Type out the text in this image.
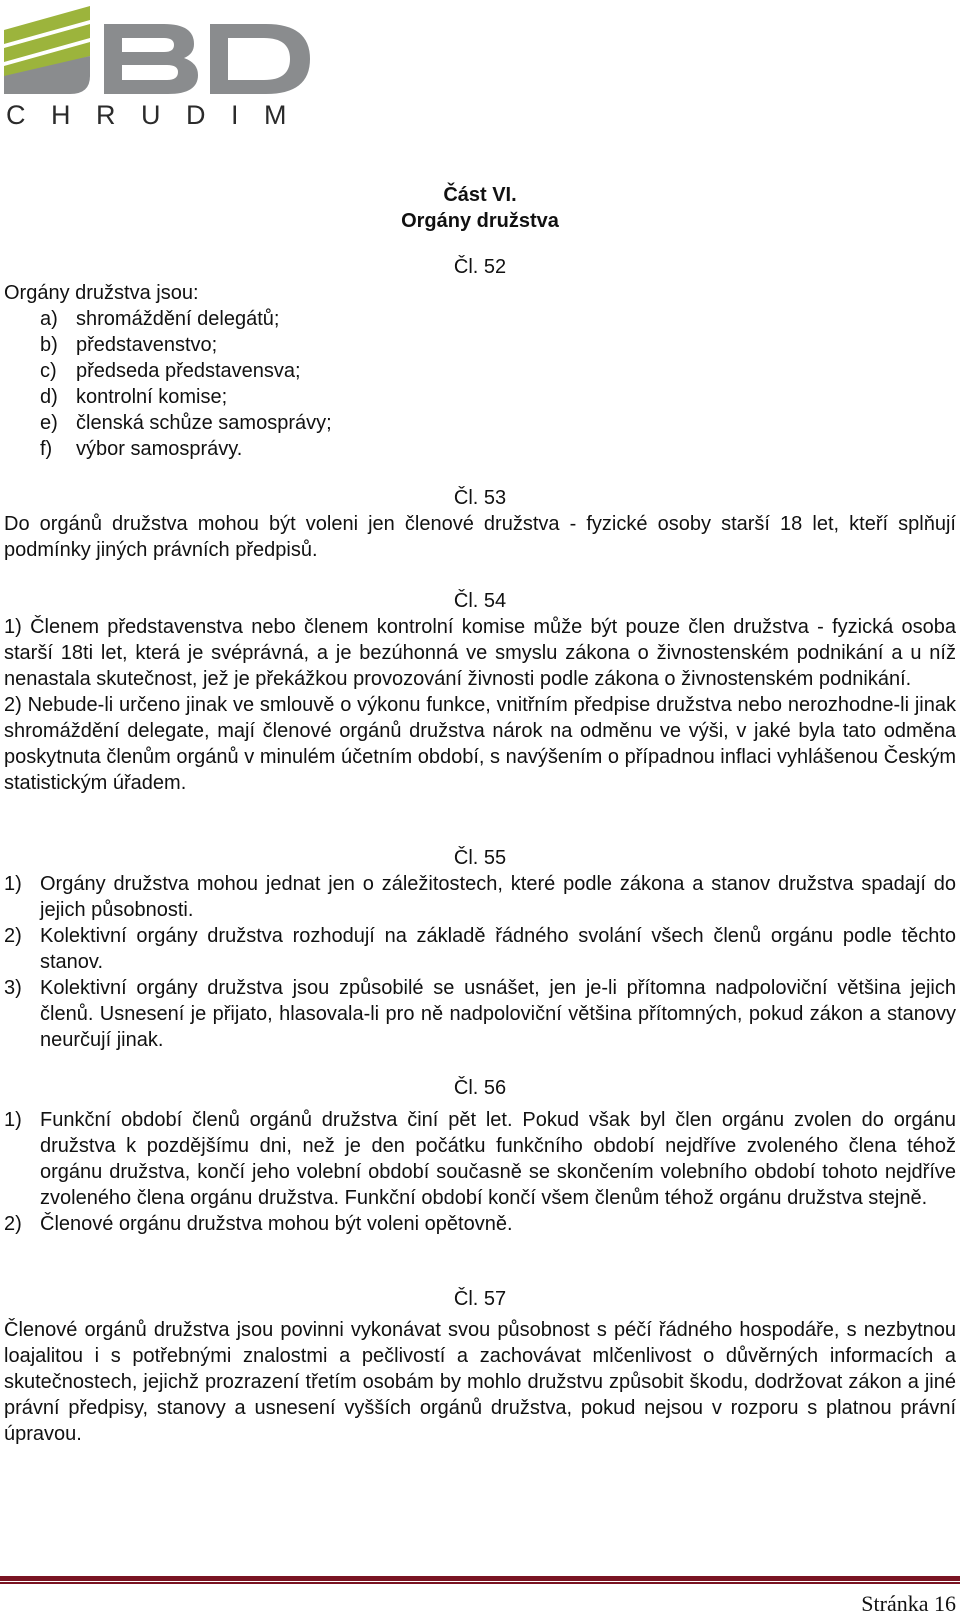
CHRUDIM
Část VI.
Orgány družstva
Čl. 52
Orgány družstva jsou:
a) shromáždění delegátů;
b) představenstvo;
c) předseda představensva;
d) kontrolní komise;
e) členská schůze samosprávy;
f)	výbor samosprávy.
Čl. 53
Do orgánů družstva mohou být voleni jen členové družstva - fyzické osoby starší 18 let, kteří splňují podmínky jiných právních předpisů.
Čl. 54

1) Členem představenstva nebo členem kontrolní komise může být pouze člen družstva - fyzická osoba starší 18ti let, která je svéprávná, a je bezúhonná ve smyslu zákona o živnostenském podnikání a u níž nenastala skutečnost, jež je překážkou provozování živnosti podle zákona o živnostenském podnikání.

2) Nebude-li určeno jinak ve smlouvě o výkonu funkce, vnitřním předpise družstva nebo nerozhodne-li jinak shromáždění delegate, mají členové orgánů družstva nárok na odměnu ve výši, v jaké byla tato odměna poskytnuta členům orgánů v minulém účetním období, s navýšením o případnou inflaci vyhlášenou Českým statistickým úřadem.

Čl. 55
1) Orgány družstva mohou jednat jen o záležitostech, které podle zákona a stanov družstva spadají do jejich působnosti.
2) Kolektivní orgány družstva rozhodují na základě řádného svolání všech členů orgánu podle těchto stanov.
3) Kolektivní orgány družstva jsou způsobilé se usnášet, jen je-li přítomna nadpoloviční většina jejich členů. Usnesení je přijato, hlasovala-li pro ně nadpoloviční většina přítomných, pokud zákon a stanovy neurčují jinak.
Čl. 56
1) Funkční období členů orgánů družstva činí pět let. Pokud však byl člen orgánu zvolen do orgánu družstva k pozdějšímu dni, než je den počátku funkčního období nejdříve zvoleného člena téhož orgánu družstva, končí jeho volební období současně se skončením volebního období tohoto nejdříve zvoleného člena orgánu družstva. Funkční období končí všem členům téhož orgánu družstva stejně.
2) Členové orgánu družstva mohou být voleni opětovně.
Čl. 57
Členové orgánů družstva jsou povinni vykonávat svou působnost s péčí řádného hospodáře, s nezbytnou loajalitou i s potřebnými znalostmi a pečlivostí a zachovávat mlčenlivost o důvěrných informacích a skutečnostech, jejichž prozrazení třetím osobám by mohlo družstvu způsobit škodu, dodržovat zákon a jiné právní předpisy, stanovy a usnesení vyšších orgánů družstva, pokud nejsou v rozporu s platnou právní úpravou.
Stránka 16
